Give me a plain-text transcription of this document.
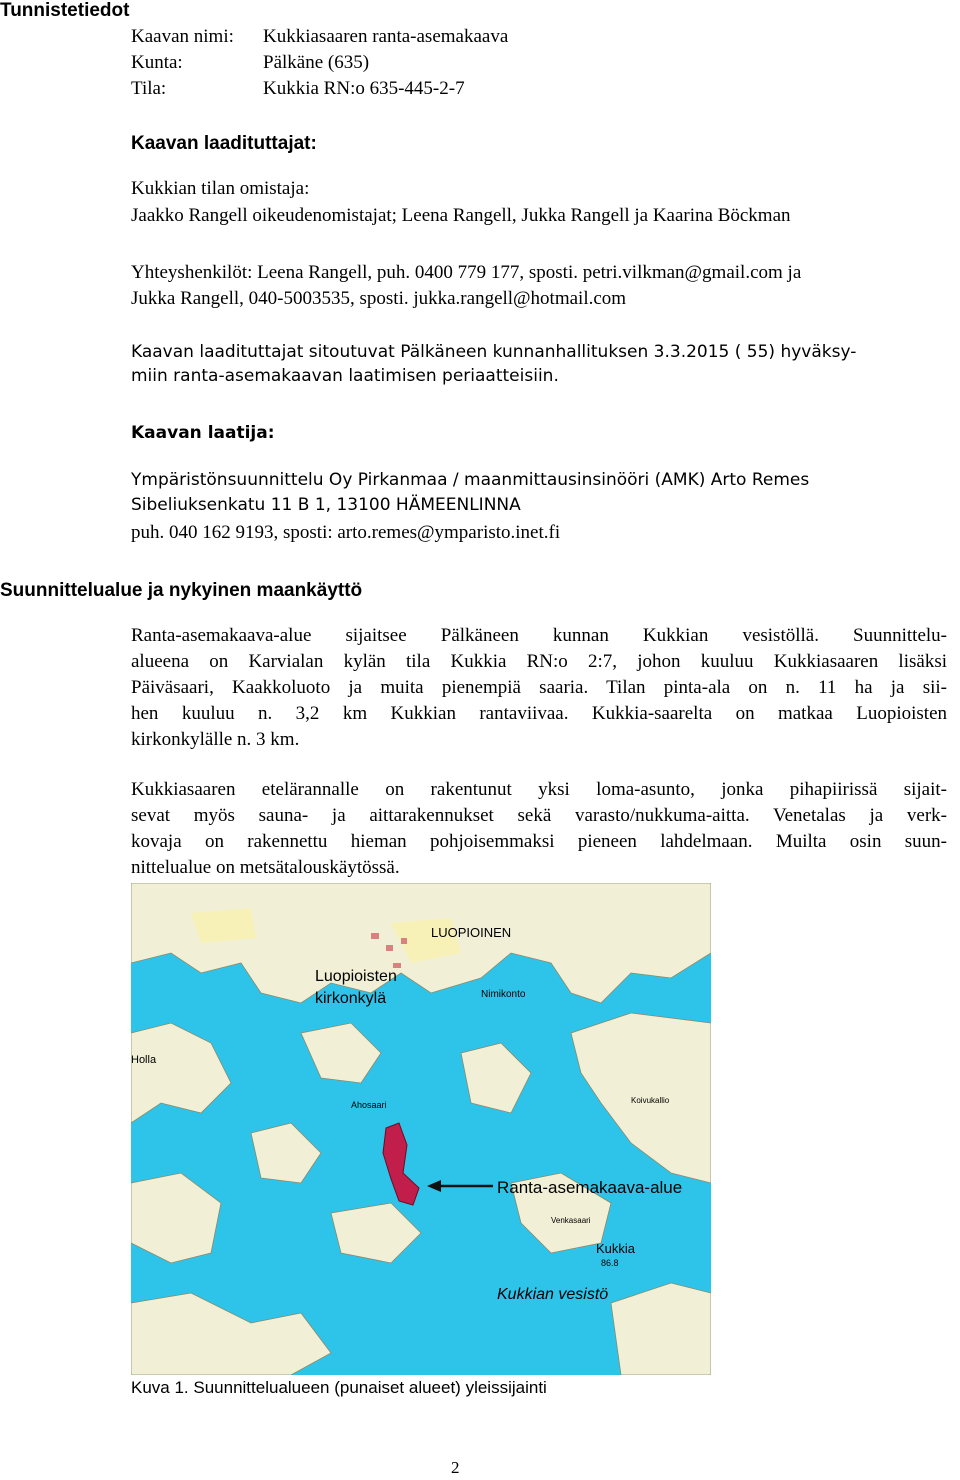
Tunnistetiedot
Kaavan nimi: Kukkiasaaren ranta-asemakaava
Kunta:	Pälkäne (635)
Tila:	Kukkia RN:o 635-445-2-7
Kaavan laadituttajat:
Kukkian tilan omistaja:
Jaakko Rangell oikeudenomistajat; Leena Rangell, Jukka Rangell ja Kaarina Böckman
Yhteyshenkilöt: Leena Rangell, puh. 0400 779 177, sposti. petri.vilkman@gmail.com ja
Jukka Rangell, 040-5003535, sposti. jukka.rangell@hotmail.com
Kaavan laadituttajat sitoutuvat Pälkäneen kunnanhallituksen 3.3.2015 ( 55) hyväksy-
miin ranta-asemakaavan laatimisen periaatteisiin.
Kaavan laatija:
Ympäristönsuunnittelu Oy Pirkanmaa / maanmittausinsinööri (AMK) Arto Remes
Sibeliuksenkatu 11 B 1, 13100 HÄMEENLINNA
puh. 040 162 9193, sposti: arto.remes@ymparisto.inet.fi
Suunnittelualue ja nykyinen maankäyttö
Ranta-asemakaava-alue sijaitsee Pälkäneen kunnan Kukkian vesistöllä. Suunnittelu-
alueena on Karvialan kylän tila Kukkia RN:o 2:7, johon kuuluu Kukkiasaaren lisäksi
Päiväsaari, Kaakkoluoto ja muita pienempiä saaria. Tilan pinta-ala on n. 11 ha ja sii-
hen kuuluu n. 3,2 km Kukkian rantaviivaa. Kukkia-saarelta on matkaa Luopioisten
kirkonkylälle n. 3 km.
Kukkiasaaren etelärannalle on rakentunut yksi loma-asunto, jonka pihapiirissä sijait-
sevat myös sauna- ja aittarakennukset sekä varasto/nukkuma-aitta. Venetalas ja verk-
kovaja on rakennettu hieman pohjoisemmaksi pieneen lahdelmaan. Muilta osin suun-
nittelualue on metsätalouskäytössä.
LUOPIOINEN
Luopioisten
kirkonkylä
Holla
Nimikonto
Ahosaari	Koivukallio
Venkasaari
Ranta-asemakaava-alue
Kukkia
86.8
Kukkian vesistö
Kuva 1. Suunnittelualueen (punaiset alueet) yleissijainti
2
